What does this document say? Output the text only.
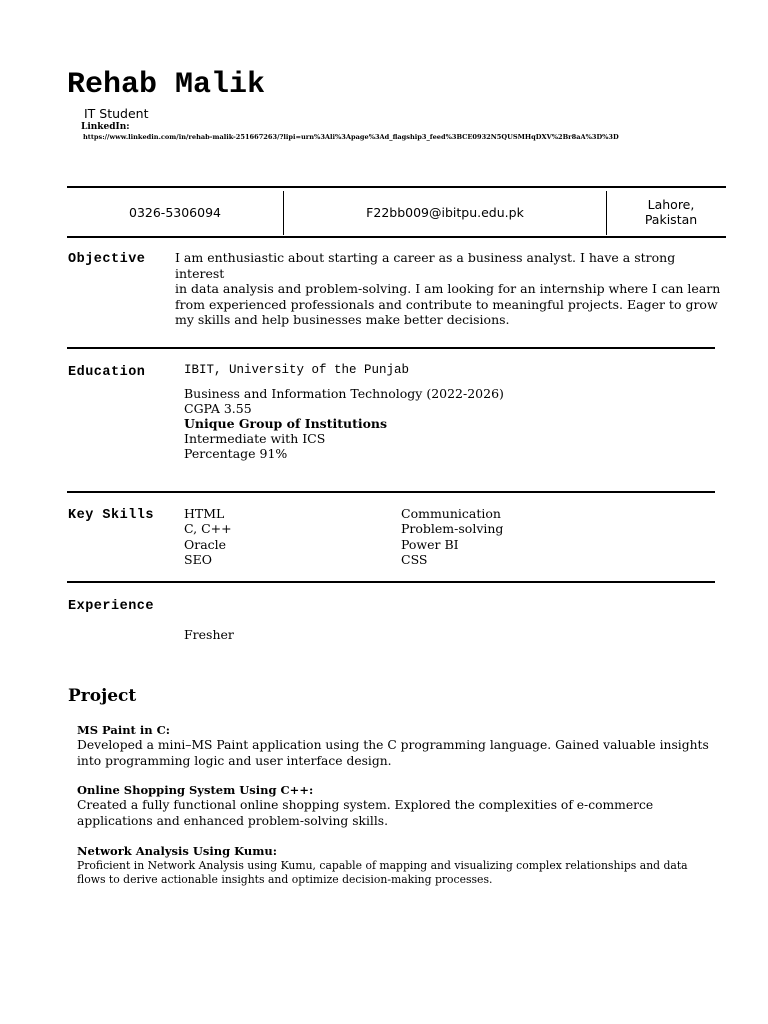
Rehab Malik
IT Student
LinkedIn:
https://www.linkedin.com/in/rehab-malik-251667263/?lipi=urn%3Ali%3Apage%3Ad_flagship3_feed%3BCE0932N5QUSMHqDXV%2Br8aA%3D%3D
0326-5306094	F22bb009@ibitpu.edu.pk
Lahore,
Pakistan
Objective I am enthusiastic about starting a career as a business analyst. I have a strong interest
in data analysis and problem-solving. I am looking for an internship where I can learn
from experienced professionals and contribute to meaningful projects. Eager to grow
my skills and help businesses make better decisions.
Education	IBIT, University of the Punjab
Business and Information Technology (2022-2026)
CGPA 3.55
Unique Group of Institutions
Intermediate with ICS
Percentage 91%
Key Skills HTML
C, C++
Oracle
SEO
Communication
Problem-solving
Power BI
CSS
Experience
Fresher
Project
MS Paint in C:
Developed a mini–MS Paint application using the C programming language. Gained valuable insights
into programming logic and user interface design.
Online Shopping System Using C++:
Created a fully functional online shopping system. Explored the complexities of e-commerce
applications and enhanced problem-solving skills.
Network Analysis Using Kumu:
Proficient in Network Analysis using Kumu, capable of mapping and visualizing complex relationships and data
flows to derive actionable insights and optimize decision-making processes.
